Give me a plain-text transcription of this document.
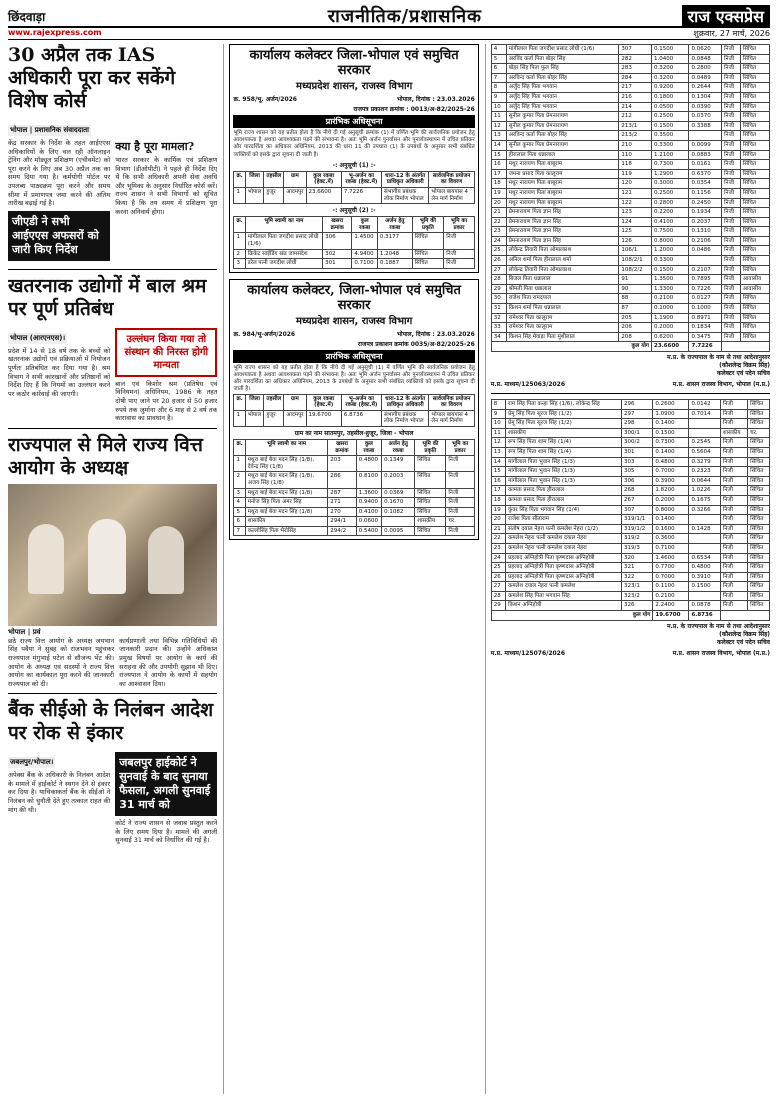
छिंदवाड़ा	राजनीतिक/प्रशासनिक	राज एक्सप्रेस
www.rajexpress.com	शुक्रवार, 27 मार्च, 2026
30 अप्रैल तक IAS अधिकारी पूरा कर सकेंगे विशेष कोर्स
भोपाल | प्रशासनिक संवाददाता

केंद्र सरकार के निर्देश के तहत आईएएस अधिकारियों के लिए चल रही ऑनलाइन ट्रेनिंग और मॉड्यूल प्रशिक्षण (एचीवमेंट) को पूरा करने के लिए अब 30 अप्रैल तक का समय दिया गया है। कर्मयोगी पोर्टल पर उपलब्ध पाठ्यक्रम पूरा करने और समय सीमा में प्रमाणपत्र जमा करने की अंतिम तारीख बढ़ाई गई है।

जीएडी ने सभी आईएएस अफसरों को जारी किए निर्देश
क्या है पूरा मामला?

भारत सरकार के कार्मिक एवं प्रशिक्षण विभाग (डीओपीटी) ने पहले ही निर्देश दिए थे कि सभी अधिकारी अपनी सेवा अवधि और भूमिका के अनुसार निर्धारित कोर्स करें। राज्य शासन ने सभी विभागों को सूचित किया है कि तय समय में प्रशिक्षण पूरा करना अनिवार्य होगा।

खतरनाक उद्योगों में बाल श्रम पर पूर्ण प्रतिबंध
भोपाल (आरएनएस)।

प्रदेश में 14 से 18 वर्ष तक के बच्चों को खतरनाक उद्योगों एवं प्रक्रियाओं में नियोजन पूर्णतः प्रतिबंधित कर दिया गया है। श्रम विभाग ने सभी कारखानों और प्रतिष्ठानों को निर्देश दिए हैं कि नियमों का उल्लंघन करने पर कठोर कार्रवाई की जाएगी।

उल्लंघन किया गया तो संस्थान की निरस्त होगी मान्यता

बाल एवं किशोर श्रम (प्रतिषेध एवं विनियमन) अधिनियम, 1986 के तहत दोषी पाए जाने पर 20 हजार से 50 हजार रुपये तक जुर्माना और 6 माह से 2 वर्ष तक कारावास का प्रावधान है।

राज्यपाल से मिले राज्य वित्त आयोग के अध्यक्ष
भोपाल | प्रवं

छठे राज्य वित्त आयोग के अध्यक्ष जयभान सिंह पवैया ने सुबह को राजभवन पहुंचकर राज्यपाल मंगुभाई पटेल से सौजन्य भेंट की। आयोग के अध्यक्ष एवं सदस्यों ने राज्य वित्त आयोग का कार्यकाल पूरा करने की जानकारी राज्यपाल को दी।

कार्यप्रणाली तथा विभिन्न गतिविधियों की जानकारी प्रदान की। उन्होंने अधिकांश प्रमुख विषयों पर आयोग के कार्य की सराहना की और उपयोगी सुझाव भी दिए। राज्यपाल ने आयोग के कार्यों में सहयोग का आश्वासन दिया।

बैंक सीईओ के निलंबन आदेश पर रोक से इंकार
जबलपुर/भोपाल।

अपेक्स बैंक के अधिकारी के निलंबन आदेश के मामले में हाईकोर्ट ने स्थगन देने से इंकार कर दिया है। याचिकाकर्ता बैंक के सीईओ ने निलंबन को चुनौती देते हुए तत्काल राहत की मांग की थी।

जबलपुर हाईकोर्ट ने सुनवाई के बाद सुनाया फैसला, अगली सुनवाई 31 मार्च को

कोर्ट ने राज्य शासन से जवाब प्रस्तुत करने के लिए समय दिया है। मामले की अगली सुनवाई 31 मार्च को निर्धारित की गई है।

कार्यालय कलेक्टर जिला-भोपाल एवं समुचित सरकार
मध्यप्रदेश शासन, राजस्व विभाग
क्र. 958/भू. अर्जन/2026	भोपाल, दिनांक : 23.03.2026
राजपत्र प्रकाशन क्रमांक : 0013/अ-82/2025-26
प्रारंभिक अधिसूचना

भूमि राज्य शासन को यह प्रतीत होता है कि नीचे दी गई अनुसूची क्रमांक (1) में वर्णित भूमि की सार्वजनिक प्रयोजन हेतु आवश्यकता है अथवा आवश्यकता पड़ने की संभावना है। अतः भूमि अर्जन पुनर्वासन और पुनर्व्यवस्थापन में उचित प्रतिकर और पारदर्शिता का अधिकार अधिनियम, 2013 की धारा 11 की उपधारा (1) के उपबंधों के अनुसार सभी संबंधित व्यक्तियों को इसके द्वारा सूचना दी जाती है।

-: अनुसूची (1) :-
क्र.	जिला	तहसील	ग्राम	कुल रकबा (हेक्ट.में)	भू-अर्जन का रकबा (हेक्ट.में)	धारा-12 के अंतर्गत प्राधिकृत अधिकारी	सार्वजनिक प्रयोजन का विवरण
1	भोपाल	हुजूर	आदमपुर	23.6600	7.7226	संभागीय प्रबंधक लोक निर्माण भोपाल	भोपाल बायपास 4 लेन मार्ग निर्माण
-: अनुसूची (2) :-
क्र.	भूमि स्वामी का नाम	खसरा क्रमांक	कुल रकबा	अर्जन हेतु रकबा	भूमि की प्रकृति	भूमि का प्रकार
1	मांगीलाल पिता जगदीश प्रसाद लोधी (1/6)	306	1.4500	0.3177	सिंचित	निजी
2	क्रिकेट साईडिंग खंड जामसंदेश	302	4.9400	1.2048	सिंचित	निजी
3	डरेल पत्नी जगदीश लोधी	301	0.7100	0.1887	सिंचित	निजी
कार्यालय कलेक्टर, जिला-भोपाल एवं समुचित सरकार
मध्यप्रदेश शासन, राजस्व विभाग
क्र. 984/भू-अर्जन/2026	भोपाल, दिनांक : 23.03.2026
राजपत्र प्रकाशन क्रमांक 0035/अ-82/2025-26
प्रारंभिक अधिसूचना

भूमि राज्य शासन को यह प्रतीत होता है कि नीचे दी गई अनुसूची (1) में वर्णित भूमि की सार्वजनिक प्रयोजन हेतु आवश्यकता है अथवा आवश्यकता पड़ने की संभावना है। अतः भूमि अर्जन पुनर्वासन और पुनर्व्यवस्थापन में उचित प्रतिकर और पारदर्शिता का अधिकार अधिनियम, 2013 के उपबंधों के अनुसार सभी संबंधित व्यक्तियों को इसके द्वारा सूचना दी जाती है।

क्र.	जिला	तहसील	ग्राम	कुल रकबा (हेक्ट.में)	भू-अर्जन का रकबा (हेक्ट.में)	धारा-12 के अंतर्गत प्राधिकृत अधिकारी	सार्वजनिक प्रयोजन का विवरण
1	भोपाल	हुजूर	आदमपुर	19.6700	6.8736	संभागीय प्रबंधक लोक निर्माण भोपाल	भोपाल बायपास 4 लेन मार्ग निर्माण
ग्राम का नाम सातमपुर, तहसील-हुजूर, जिला - भोपाल
क्र.	भूमि स्वामी का नाम	खसरा क्रमांक	कुल रकबा	अर्जन हेतु रकबा	भूमि की प्रकृति	भूमि का प्रकार
1	मथुरा बाई बेवा मदन सिंह (1/8), देवेन्द्र सिंह (1/8)	203	0.4800	0.1349	सिंचित	निजी
2	मथुरा बाई बेवा मदन सिंह (1/8), अजय सिंह (1/8)	286	0.8100	0.2003	सिंचित	निजी
3	मथुरा बाई बेवा मदन सिंह (1/8)	287	1.3600	0.0369	सिंचित	निजी
4	मनोज सिंह पिता अमर सिंह	271	0.9400	0.1670	सिंचित	निजी
5	मथुरा बाई बेवा मदन सिंह (1/8)	270	0.4100	0.1082	सिंचित	निजी
6	शासकीय	294/1	0.0600		शासकीय	चर.
7	कल्लोसिंह पिता भैरोसिंह	294/2	0.5400	0.0095	सिंचित	निजी
4	मांगीलाल पिता जगदीश प्रसाद लोधी (1/6)	307	0.1500	0.0620	निजी	सिंचित
5	अरविंद कर्ता पिता बोहर सिंह	282	1.0400	0.0848	निजी	सिंचित
6	बोहर सिंह पिता फूल सिंह	283	0.3200	0.2800	निजी	सिंचित
7	अरविन्द कर्ता पिता बोहर सिंह	284	0.3200	0.0489	निजी	सिंचित
8	अजुँद सिंह पिता भगवान	217	0.9200	0.2644	निजी	सिंचित
9	अजुँद सिंह पिता भगवान	216	0.1800	0.1304	निजी	सिंचित
10	अजुँद सिंह पिता भगवान	214	0.0500	0.0390	निजी	सिंचित
11	सुनील कुमार पिता प्रेमनारायण	212	0.2500	0.0370	निजी	सिंचित
12	सुनील कुमार पिता प्रेमनारायण	213/1	0.1500	0.3388	निजी	सिंचित
13	अरविन्द कर्ता पिता बोहर सिंह	213/2	0.3500		निजी	सिंचित
14	सुनील कुमार पिता प्रेमनारायण	210	0.3300	0.0099	निजी	सिंचित
15	हीरालाल पिता धन्नालाल	110	1.2100	0.0883	निजी	सिंचित
16	मथुर नारायण पिता बाबूराम	118	0.7300	0.0161	निजी	सिंचित
17	जमना प्रसाद पिता कालूराम	119	1.2900	0.6370	निजी	सिंचित
18	मथुर नारायण पिता बाबूराम	120	0.3000	0.0354	निजी	सिंचित
19	मथुर नारायण पिता बाबूराम	121	0.2500	0.1156	निजी	सिंचित
20	मथुर नारायण पिता बाबूराम	122	0.2800	0.2450	निजी	सिंचित
21	प्रेमनारायण पिता ज्ञान सिंह	123	0.2200	0.1934	निजी	सिंचित
22	प्रेमनारायण पिता ज्ञान सिंह	124	0.4100	0.2037	निजी	सिंचित
23	प्रेमनारायण पिता ज्ञान सिंह	125	0.7500	0.1310	निजी	सिंचित
24	प्रेमनारायण पिता ज्ञान सिंह	126	0.8000	0.2106	निजी	सिंचित
25	लोकेन्द्र तिवारी पिता ओमप्रकाश	106/1	1.2000	0.0486	निजी	सिंचित
26	अनिल शर्मा पिता हीरालाल शर्मा	108/2/1	0.3300		निजी	सिंचित
27	लोकेन्द्र तिवारी पिता ओमप्रकाश	108/2/2	0.1500	0.2107	निजी	सिंचित
28	बिजल पिता धन्नालाल	91	1.3500	0.7895	निजी	आवासीय
29	श्रीमती पिता धन्नालाल	90	1.3300	0.7226	निजी	आवासीय
30	राजेश पिता रामदयाल	88	0.2100	0.0127	निजी	सिंचित
31	किशन शर्मा पिता धन्नालाल	87	0.1000	0.1000	निजी	सिंचित
32	रामेश्वर पिता कालूराम	205	1.1900	0.8971	निजी	सिंचित
33	रामेश्वर पिता कालूराम	206	0.2000	0.1834	निजी	सिंचित
34	किशन सिंह मेवाड़ा पिता मुंशीलाल	208	0.6200	0.3475	निजी	सिंचित
कुल योग			23.6600	7.7226		
म.प्र. के राज्यपाल के नाम से तथा आदेशानुसार
(कौशलेन्द्र विक्रम सिंह)
कलेक्टर एवं पदेन सचिव
म.प्र. माध्यम/125063/2026	म.प्र. शासन राजस्व विभाग, भोपाल (म.प्र.)
8	राम सिंह पिता कन्हा सिंह (1/6), लोकेन्द्र सिंह	296	0.2600	0.0142	निजी	सिंचित
9	प्रेमू सिंह पिता सूरज सिंह (1/2)	297	1.0900	0.7014	निजी	सिंचित
10	प्रेमू सिंह पिता सूरज सिंह (1/2)	298	0.1400		निजी	सिंचित
11	शासकीय	300/1	0.1500		शासकीय	चर.
12	रूप सिंह पिता शाम सिंह (1/4)	300/2	0.7300	0.2545	निजी	सिंचित
13	रूप सिंह पिता शाम सिंह (1/4)	301	0.1400	0.5604	निजी	सिंचित
14	मांगीलाल पिता भुवान सिंह (1/3)	303	0.4800	0.3279	निजी	सिंचित
15	मांगीलाल पिता भुवान सिंह (1/3)	305	0.7000	0.2323	निजी	सिंचित
16	मांगीलाल पिता भुवान सिंह (1/3)	306	0.3900	0.0644	निजी	सिंचित
17	कामता प्रसाद पिता हीरालाल	268	1.8200	1.0226	निजी	सिंचित
18	कामता प्रसाद पिता हीरालाल	267	0.2000	0.1675	निजी	सिंचित
19	कुंवर सिंह पिता भगवान सिंह (1/4)	307	0.8000	0.3266	निजी	सिंचित
20	राजेश पिता सीताराम	319/1/1	0.1400		निजी	सिंचित
21	संतोष दयाल नेहरा पत्नी कमलेश नेहरा (1/2)	319/1/2	0.1600	0.1428	निजी	सिंचित
22	कमलेश नेहरा पत्नी कमलेश दयाल नेहरा	319/2	0.3600		निजी	सिंचित
23	कमलेश नेहरा पत्नी कमलेश दयाल नेहरा	319/3	0.7100		निजी	सिंचित
24	प्रहलाद अग्निहोत्री पिता कृष्णदास अग्निहोत्री	320	1.4600	0.6534	निजी	सिंचित
25	प्रहलाद अग्निहोत्री पिता कृष्णदास अग्निहोत्री	321	0.7700	0.4800	निजी	सिंचित
26	प्रहलाद अग्निहोत्री पिता कृष्णदास अग्निहोत्री	322	0.7000	0.3910	निजी	सिंचित
27	कमलेश दयाल नेहरा पत्नी कमलेश	323/1	0.1100	0.1500	निजी	सिंचित
28	कमलेश सिंह पिता भगवान सिंह	323/2	0.2100		निजी	सिंचित
29	किशन अग्निहोत्री	326	2.2400	0.0878	निजी	सिंचित
कुल योग			19.6700	6.8736		
म.प्र. के राज्यपाल के नाम से तथा आदेशानुसार
(कौशलेन्द्र विक्रम सिंह)
कलेक्टर एवं पदेन सचिव
म.प्र. माध्यम/125076/2026	म.प्र. शासन राजस्व विभाग, भोपाल (म.प्र.)
